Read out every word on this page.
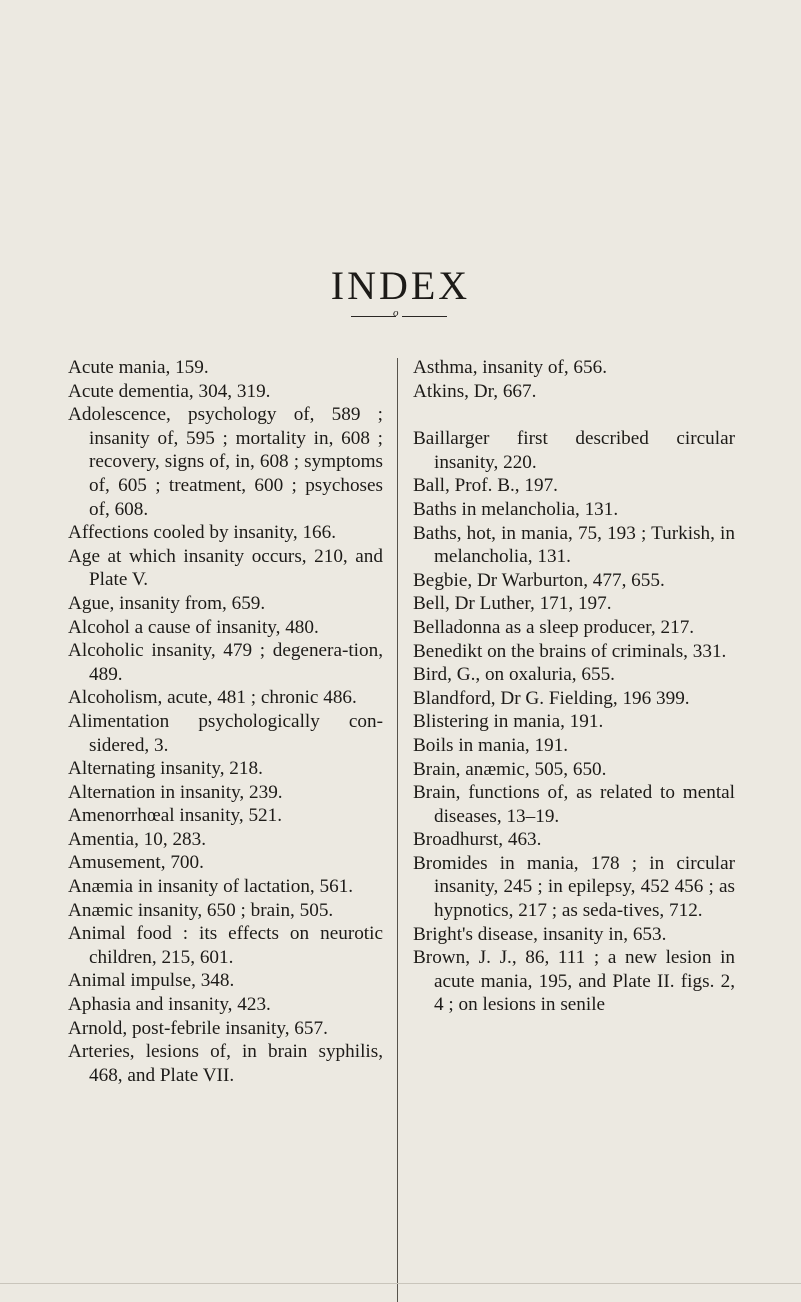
INDEX
o

Acute mania, 159.

Acute dementia, 304, 319.

Adolescence, psychology of, 589 ; insanity of, 595 ; mortality in, 608 ; recovery, signs of, in, 608 ; symptoms of, 605 ; treatment, 600 ; psychoses of, 608.

Affections cooled by insanity, 166.

Age at which insanity occurs, 210, and Plate V.

Ague, insanity from, 659.

Alcohol a cause of insanity, 480.

Alcoholic insanity, 479 ; degenera-tion, 489.

Alcoholism, acute, 481 ; chronic 486.

Alimentation psychologically con-sidered, 3.

Alternating insanity, 218.

Alternation in insanity, 239.

Amenorrhœal insanity, 521.

Amentia, 10, 283.

Amusement, 700.

Anæmia in insanity of lactation, 561.

Anæmic insanity, 650 ; brain, 505.

Animal food : its effects on neurotic children, 215, 601.

Animal impulse, 348.

Aphasia and insanity, 423.

Arnold, post-febrile insanity, 657.

Arteries, lesions of, in brain syphilis, 468, and Plate VII.

Asthma, insanity of, 656.

Atkins, Dr, 667.

Baillarger first described circular insanity, 220.

Ball, Prof. B., 197.

Baths in melancholia, 131.

Baths, hot, in mania, 75, 193 ; Turkish, in melancholia, 131.

Begbie, Dr Warburton, 477, 655.

Bell, Dr Luther, 171, 197.

Belladonna as a sleep producer, 217.

Benedikt on the brains of criminals, 331.

Bird, G., on oxaluria, 655.

Blandford, Dr G. Fielding, 196 399.

Blistering in mania, 191.

Boils in mania, 191.

Brain, anæmic, 505, 650.

Brain, functions of, as related to mental diseases, 13–19.

Broadhurst, 463.

Bromides in mania, 178 ; in circular insanity, 245 ; in epilepsy, 452 456 ; as hypnotics, 217 ; as seda-tives, 712.

Bright's disease, insanity in, 653.

Brown, J. J., 86, 111 ; a new lesion in acute mania, 195, and Plate II. figs. 2, 4 ; on lesions in senile
